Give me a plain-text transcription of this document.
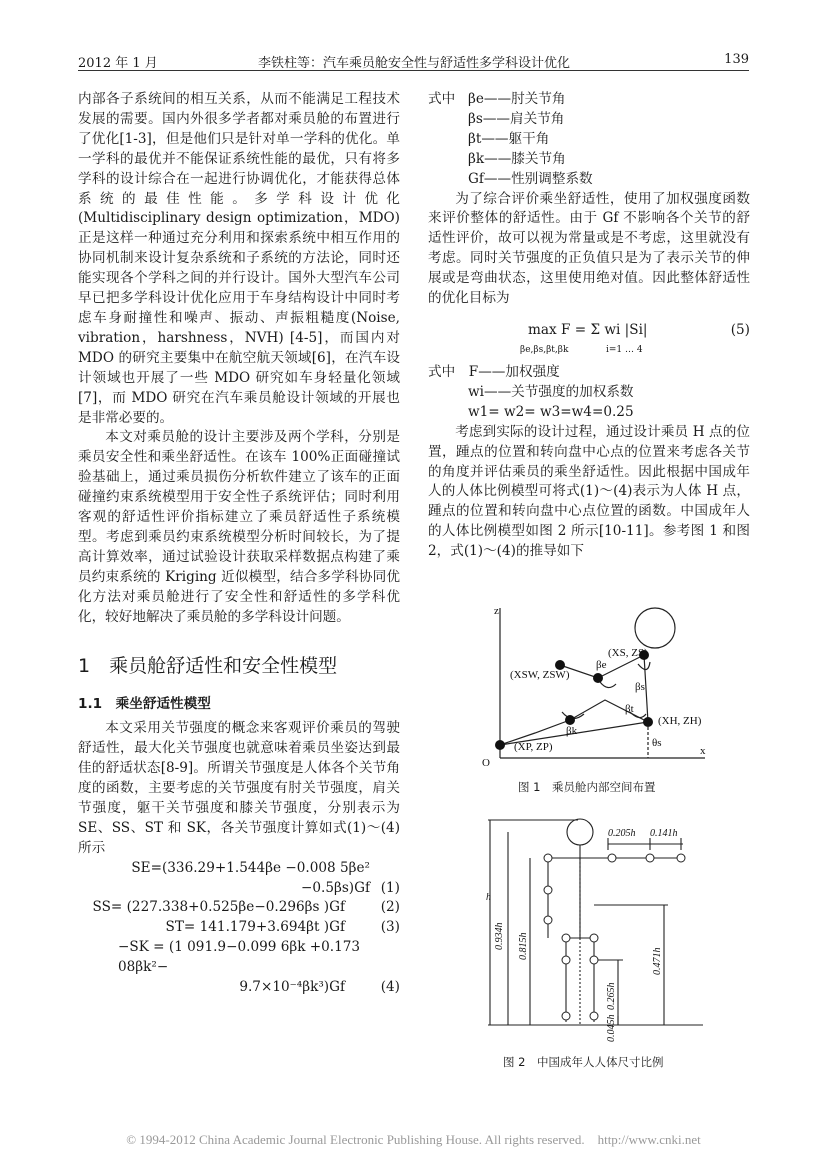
2012 年 1 月	李铁柱等：汽车乘员舱安全性与舒适性多学科设计优化	139

内部各子系统间的相互关系，从而不能满足工程技术发展的需要。国内外很多学者都对乘员舱的布置进行了优化[1-3]，但是他们只是针对单一学科的优化。单一学科的最优并不能保证系统性能的最优，只有将多学科的设计综合在一起进行协调优化，才能获得总体系统的最佳性能。多学科设计优化(Multidisciplinary design optimization，MDO)正是这样一种通过充分利用和探索系统中相互作用的协同机制来设计复杂系统和子系统的方法论，同时还能实现各个学科之间的并行设计。国外大型汽车公司早已把多学科设计优化应用于车身结构设计中同时考虑车身耐撞性和噪声、振动、声振粗糙度(Noise, vibration，harshness，NVH) [4-5]，而国内对 MDO 的研究主要集中在航空航天领域[6]，在汽车设计领域也开展了一些 MDO 研究如车身轻量化领域[7]，而 MDO 研究在汽车乘员舱设计领域的开展也是非常必要的。

本文对乘员舱的设计主要涉及两个学科，分别是乘员安全性和乘坐舒适性。在该车 100%正面碰撞试验基础上，通过乘员损伤分析软件建立了该车的正面碰撞约束系统模型用于安全性子系统评估；同时利用客观的舒适性评价指标建立了乘员舒适性子系统模型。考虑到乘员约束系统模型分析时间较长，为了提高计算效率，通过试验设计获取采样数据点构建了乘员约束系统的 Kriging 近似模型，结合多学科协同优化方法对乘员舱进行了安全性和舒适性的多学科优化，较好地解决了乘员舱的多学科设计问题。

1　乘员舱舒适性和安全性模型

1.1　乘坐舒适性模型

本文采用关节强度的概念来客观评价乘员的驾驶舒适性，最大化关节强度也就意味着乘员坐姿达到最佳的舒适状态[8-9]。所谓关节强度是人体各个关节角度的函数，主要考虑的关节强度有肘关节强度，肩关节强度，躯干关节强度和膝关节强度，分别表示为 SE、SS、ST 和 SK，各关节强度计算如式(1)～(4)所示

SE=(336.29+1.544βe −0.008 5βe² −0.5βs)Gf (1)

SS= (227.338+0.525βe−0.296βs )Gf	(2)

ST= 141.179+3.694βt )Gf	(3)

−SK = (1 091.9−0.099 6βk +0.173 08βk²−

9.7×10⁻⁴βk³)Gf	(4)

式中 βe——肘关节角

βs——肩关节角

βt——躯干角

βk——膝关节角

Gf——性别调整系数

为了综合评价乘坐舒适性，使用了加权强度函数来评价整体的舒适性。由于 Gf 不影响各个关节的舒适性评价，故可以视为常量或是不考虑，这里就没有考虑。同时关节强度的正负值只是为了表示关节的伸展或是弯曲状态，这里使用绝对值。因此整体舒适性的优化目标为

max F = Σ wi |Si|
βe,βs,βt,βk	i=1 … 4
(5)

式中　F——加权强度

wi——关节强度的加权系数

w1= w2= w3=w4=0.25

考虑到实际的设计过程，通过设计乘员 H 点的位置，踵点的位置和转向盘中心点的位置来考虑各关节的角度并评估乘员的乘坐舒适性。因此根据中国成年人的人体比例模型可将式(1)～(4)表示为人体 H 点，踵点的位置和转向盘中心点位置的函数。中国成年人的人体比例模型如图 2 所示[10-11]。参考图 1 和图 2，式(1)～(4)的推导如下

z
x
O
(XS, ZS)
(XSW, ZSW)
(XH, ZH)
(XP, ZP)
βe
βs
βt
βk
θs
图 1　乘员舱内部空间布置
0.205h 0.141h
h
0.934h 0.815h
0.471h
0.265h
0.045h
图 2　中国成年人人体尺寸比例
© 1994-2012 China Academic Journal Electronic Publishing House. All rights reserved.　http://www.cnki.net
